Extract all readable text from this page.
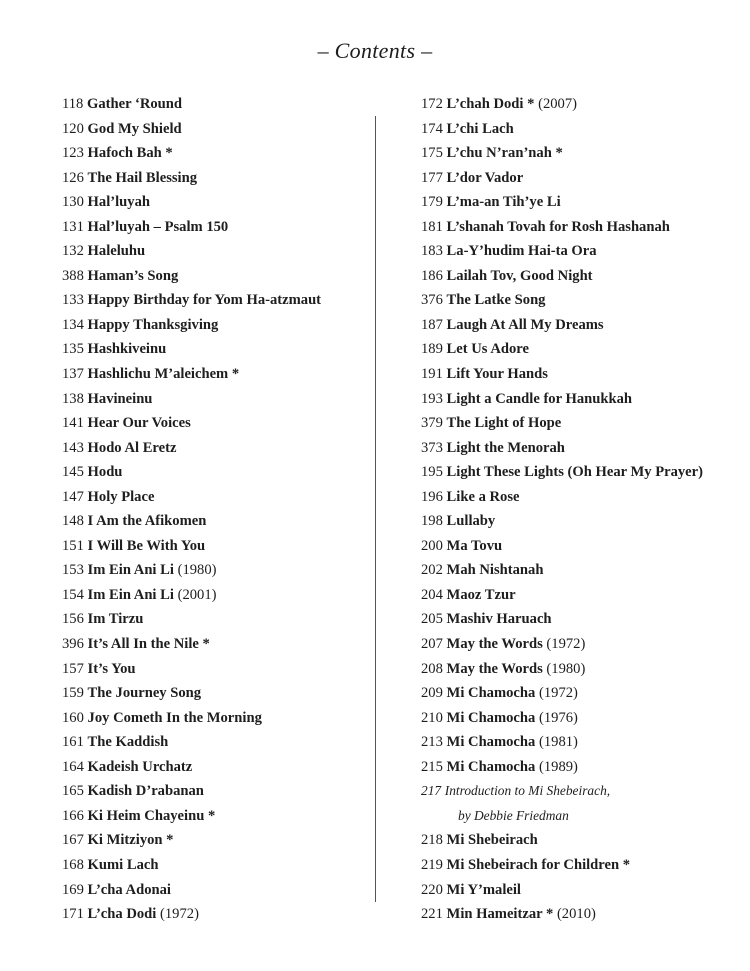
– Contents –
118 Gather ‘Round
120 God My Shield
123 Hafoch Bah *
126 The Hail Blessing
130 Hal’luyah
131 Hal’luyah – Psalm 150
132 Haleluhu
388 Haman’s Song
133 Happy Birthday for Yom Ha-atzmaut
134 Happy Thanksgiving
135 Hashkiveinu
137 Hashlichu M’aleichem *
138 Havineinu
141 Hear Our Voices
143 Hodo Al Eretz
145 Hodu
147 Holy Place
148 I Am the Afikomen
151 I Will Be With You
153 Im Ein Ani Li (1980)
154 Im Ein Ani Li (2001)
156 Im Tirzu
396 It’s All In the Nile *
157 It’s You
159 The Journey Song
160 Joy Cometh In the Morning
161 The Kaddish
164 Kadeish Urchatz
165 Kadish D’rabanan
166 Ki Heim Chayeinu *
167 Ki Mitziyon *
168 Kumi Lach
169 L’cha Adonai
171 L’cha Dodi (1972)
172 L’chah Dodi * (2007)
174 L’chi Lach
175 L’chu N’ran’nah *
177 L’dor Vador
179 L’ma-an Tih’ye Li
181 L’shanah Tovah for Rosh Hashanah
183 La-Y’hudim Hai-ta Ora
186 Lailah Tov, Good Night
376 The Latke Song
187 Laugh At All My Dreams
189 Let Us Adore
191 Lift Your Hands
193 Light a Candle for Hanukkah
379 The Light of Hope
373 Light the Menorah
195 Light These Lights (Oh Hear My Prayer)
196 Like a Rose
198 Lullaby
200 Ma Tovu
202 Mah Nishtanah
204 Maoz Tzur
205 Mashiv Haruach
207 May the Words (1972)
208 May the Words (1980)
209 Mi Chamocha (1972)
210 Mi Chamocha (1976)
213 Mi Chamocha (1981)
215 Mi Chamocha (1989)
217 Introduction to Mi Shebeirach,
by Debbie Friedman
218 Mi Shebeirach
219 Mi Shebeirach for Children *
220 Mi Y’maleil
221 Min Hameitzar * (2010)
